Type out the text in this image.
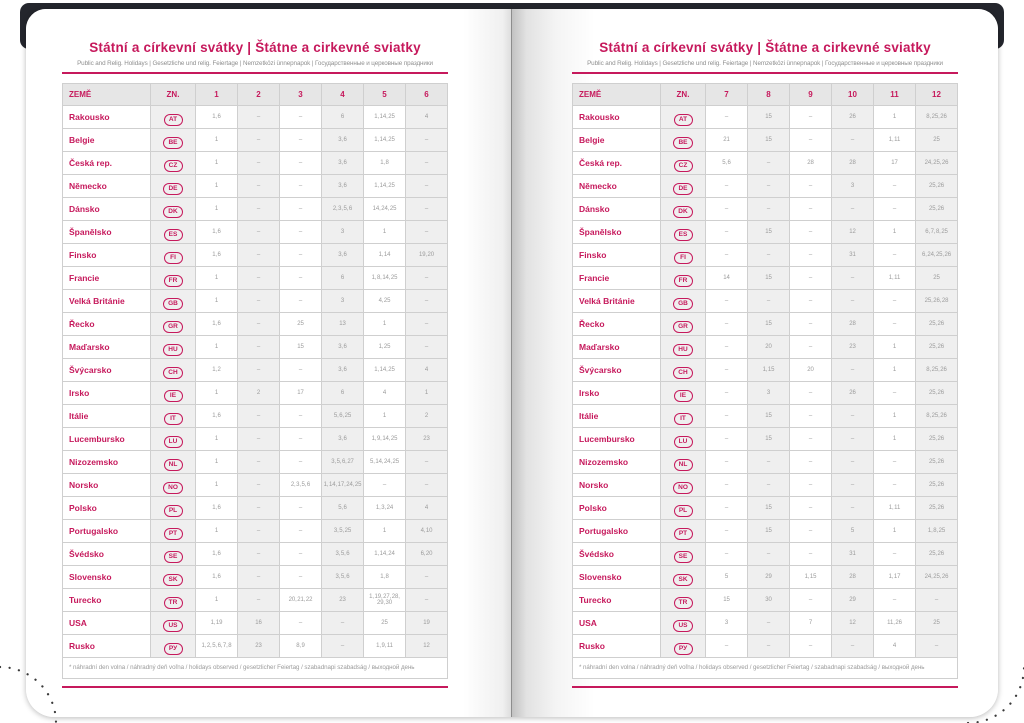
Státní a církevní svátky | Štátne a cirkevné sviatky
Public and Relig. Holidays | Gesetzliche und relig. Feiertage | Nemzetközi ünnepnapok | Государственные и церковные праздники
ZEMĚ	ZN.	1	2	3	4	5	6
Rakousko	AT	1, 6	–	–	6	1, 14, 25	4
Belgie	BE	1	–	–	3, 6	1, 14, 25	–
Česká rep.	CZ	1	–	–	3, 6	1, 8	–
Německo	DE	1	–	–	3, 6	1, 14, 25	–
Dánsko	DK	1	–	–	2, 3, 5, 6	14, 24, 25	–
Španělsko	ES	1, 6	–	–	3	1	–
Finsko	FI	1, 6	–	–	3, 6	1, 14	19, 20
Francie	FR	1	–	–	6	1, 8, 14, 25	–
Velká Británie	GB	1	–	–	3	4, 25	–
Řecko	GR	1, 6	–	25	13	1	–
Maďarsko	HU	1	–	15	3, 6	1, 25	–
Švýcarsko	CH	1, 2	–	–	3, 6	1, 14, 25	4
Irsko	IE	1	2	17	6	4	1
Itálie	IT	1, 6	–	–	5, 6, 25	1	2
Lucembursko	LU	1	–	–	3, 6	1, 9, 14, 25	23
Nizozemsko	NL	1	–	–	3, 5, 6, 27	5, 14, 24, 25	–
Norsko	NO	1	–	2, 3, 5, 6	1, 14, 17, 24, 25	–	–
Polsko	PL	1, 6	–	–	5, 6	1, 3, 24	4
Portugalsko	PT	1	–	–	3, 5, 25	1	4, 10
Švédsko	SE	1, 6	–	–	3, 5, 6	1, 14, 24	6, 20
Slovensko	SK	1, 6	–	–	3, 5, 6	1, 8	–
Turecko	TR	1	–	20, 21, 22	23	1, 19, 27, 28, 29, 30	–
USA	US	1, 19	16	–	–	25	19
Rusko	РУ	1, 2, 5, 6, 7, 8	23	8, 9	–	1, 9, 11	12
* náhradní den volna / náhradný deň voľna / holidays observed / gesetzlicher Feiertag / szabadnapi szabadság / выходной день
Státní a církevní svátky | Štátne a cirkevné sviatky
Public and Relig. Holidays | Gesetzliche und relig. Feiertage | Nemzetközi ünnepnapok | Государственные и церковные праздники
ZEMĚ	ZN.	7	8	9	10	11	12
Rakousko	AT	–	15	–	26	1	8, 25, 26
Belgie	BE	21	15	–	–	1, 11	25
Česká rep.	CZ	5, 6	–	28	28	17	24, 25, 26
Německo	DE	–	–	–	3	–	25, 26
Dánsko	DK	–	–	–	–	–	25, 26
Španělsko	ES	–	15	–	12	1	6, 7, 8, 25
Finsko	FI	–	–	–	31	–	6, 24, 25, 26
Francie	FR	14	15	–	–	1, 11	25
Velká Británie	GB	–	–	–	–	–	25, 26, 28
Řecko	GR	–	15	–	28	–	25, 26
Maďarsko	HU	–	20	–	23	1	25, 26
Švýcarsko	CH	–	1, 15	20	–	1	8, 25, 26
Irsko	IE	–	3	–	26	–	25, 26
Itálie	IT	–	15	–	–	1	8, 25, 26
Lucembursko	LU	–	15	–	–	1	25, 26
Nizozemsko	NL	–	–	–	–	–	25, 26
Norsko	NO	–	–	–	–	–	25, 26
Polsko	PL	–	15	–	–	1, 11	25, 26
Portugalsko	PT	–	15	–	5	1	1, 8, 25
Švédsko	SE	–	–	–	31	–	25, 26
Slovensko	SK	5	29	1, 15	28	1, 17	24, 25, 26
Turecko	TR	15	30	–	29	–	–
USA	US	3	–	7	12	11, 26	25
Rusko	РУ	–	–	–	–	4	–
* náhradní den volna / náhradný deň voľna / holidays observed / gesetzlicher Feiertag / szabadnapi szabadság / выходной день
